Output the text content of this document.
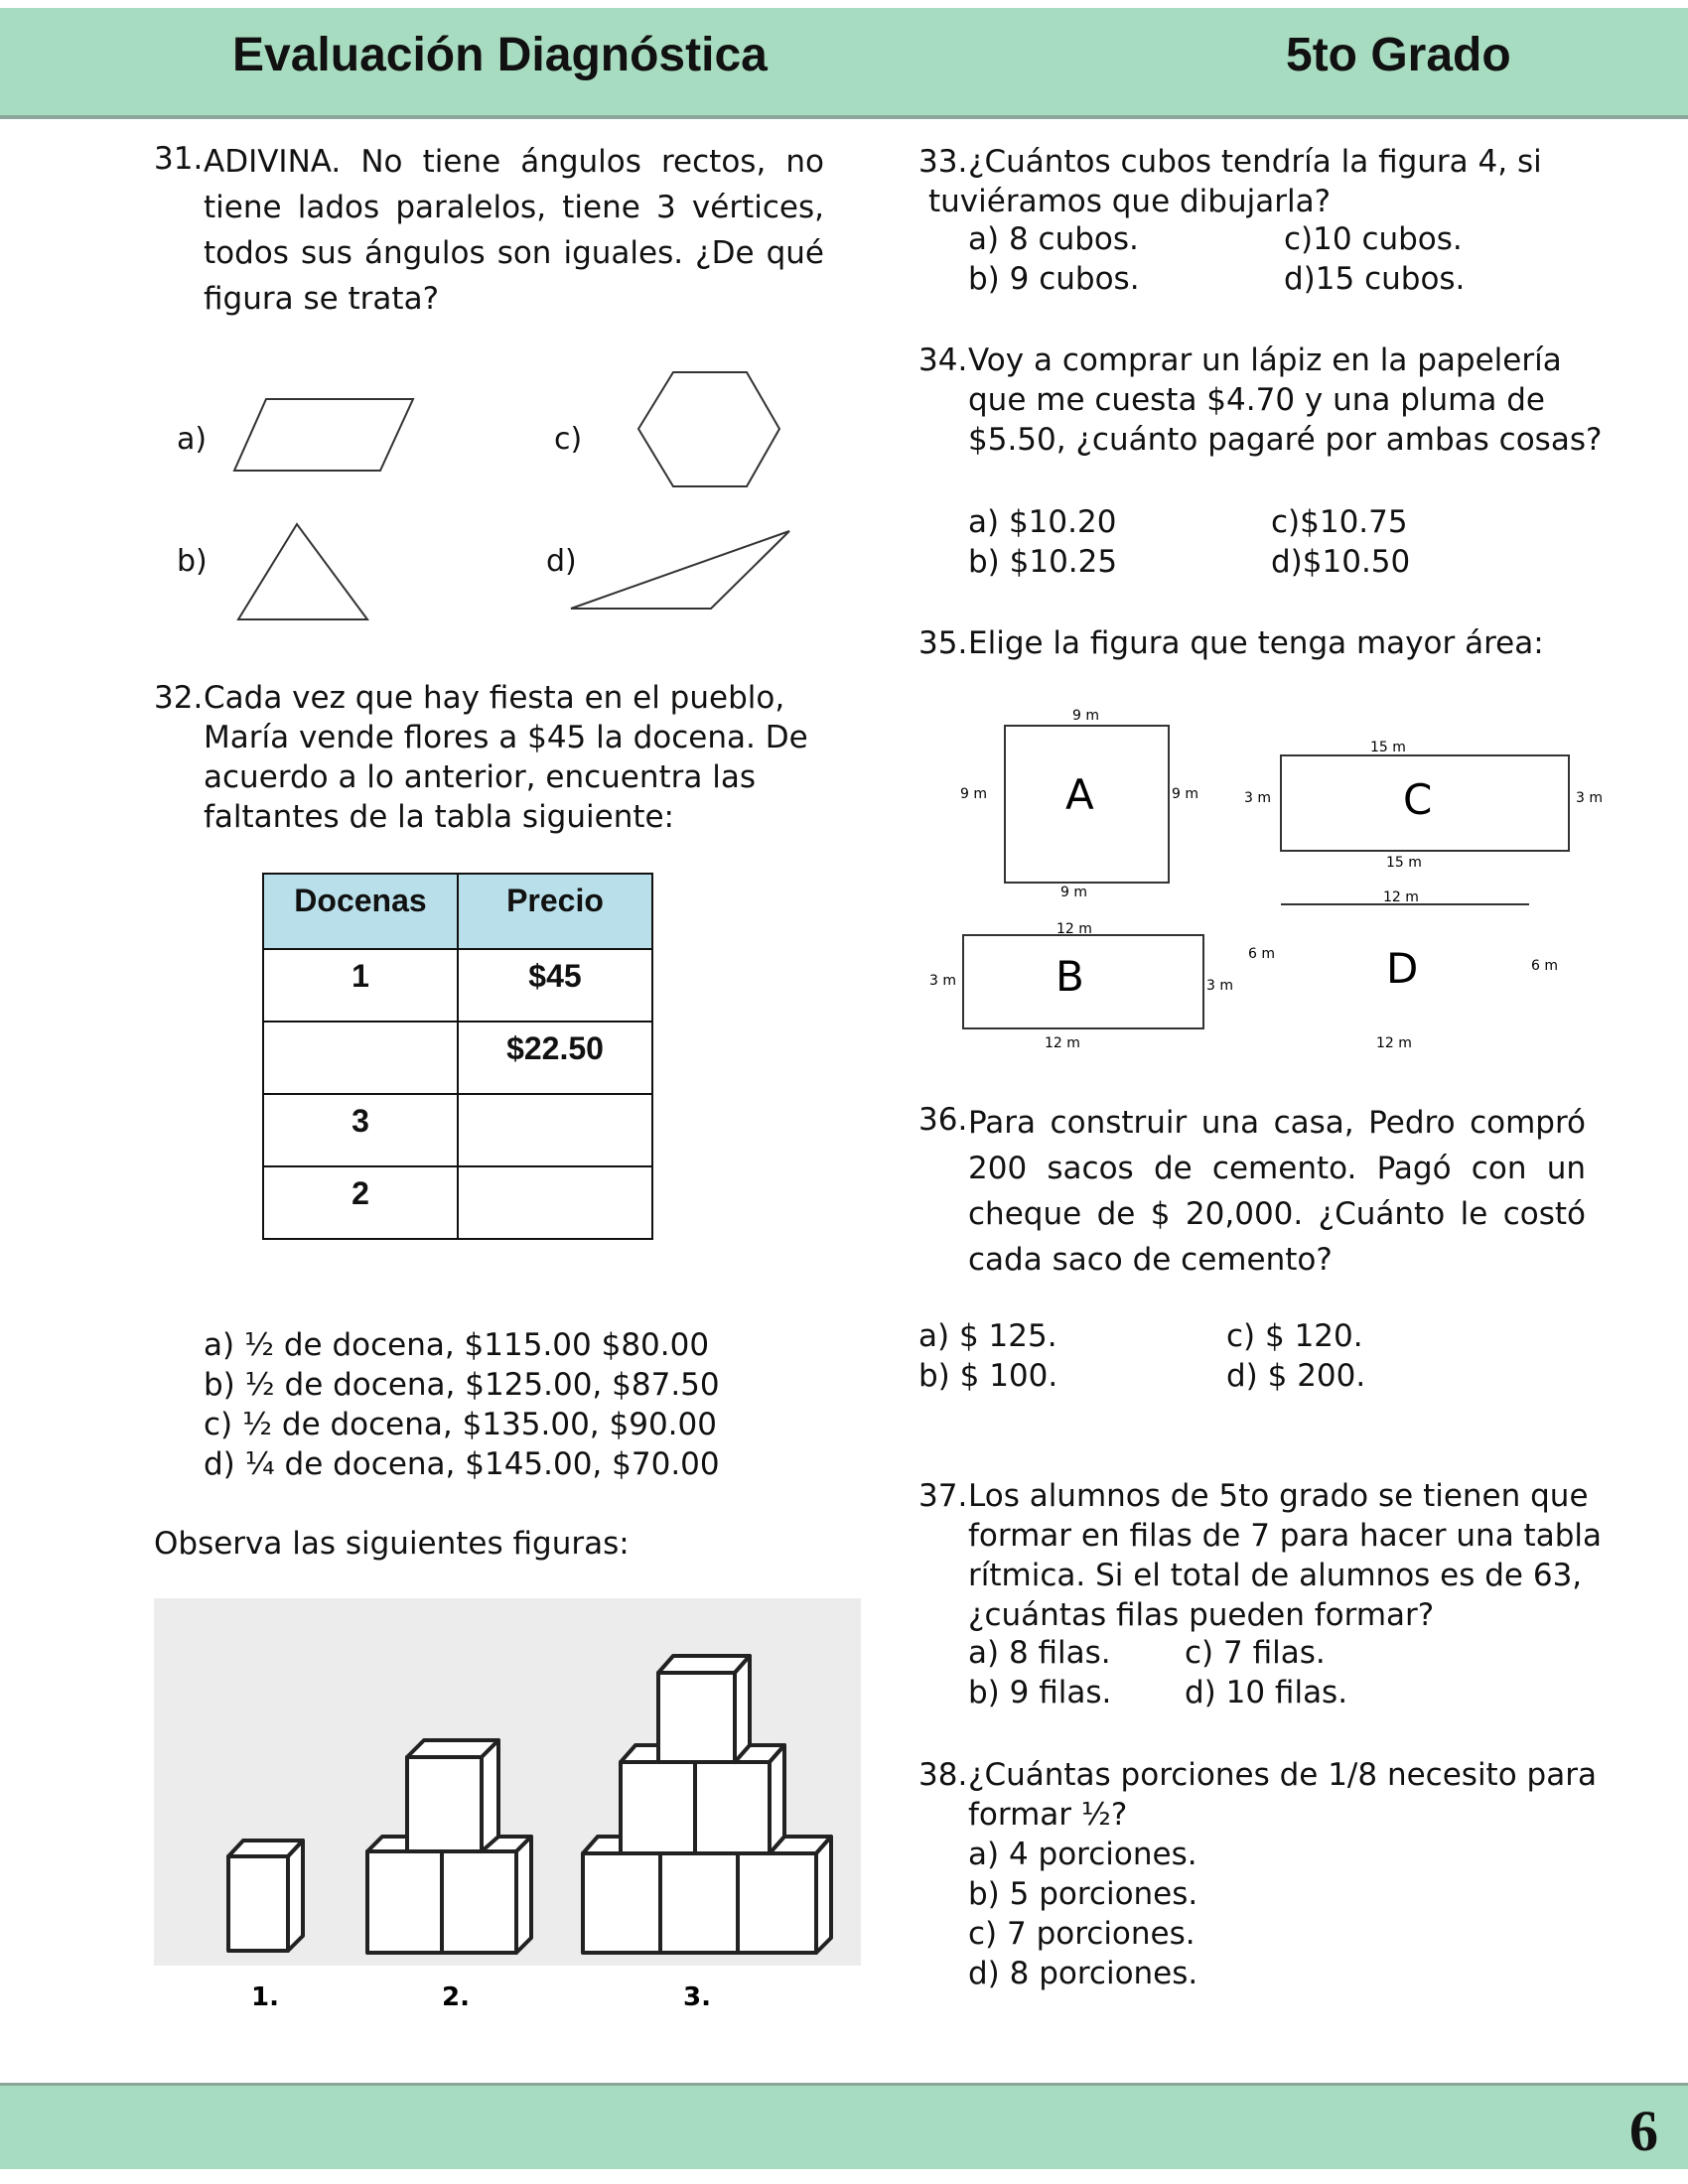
Evaluación Diagnóstica	5to Grado
31. ADIVINA. No tiene ángulos rectos, no tiene lados paralelos, tiene 3 vértices, todos sus ángulos son iguales. ¿De qué figura se trata?
a)
b)
c)
d)
32. Cada vez que hay fiesta en el pueblo, María vende flores a $45 la docena. De acuerdo a lo anterior, encuentra las faltantes de la tabla siguiente:
Docenas	Precio
1	$45
	$22.50
3	
2	
a) ½ de docena, $115.00 $80.00
b) ½ de docena, $125.00, $87.50
c) ½ de docena, $135.00, $90.00
d) ¼ de docena, $145.00, $70.00
Observa las siguientes figuras:
1.	2.	3.
33. ¿Cuántos cubos tendría la figura 4, si
tuviéramos que dibujarla?
a) 8 cubos.	c)10 cubos.
b) 9 cubos.	d)15 cubos.
34. Voy a comprar un lápiz en la papelería
que me cuesta $4.70 y una pluma de
$5.50, ¿cuánto pagaré por ambas cosas?
a) $10.20	c)$10.75
b) $10.25	d)$10.50
35. Elige la figura que tenga mayor área:
9 m
9 m	9 m
9 m
A
15 m
3 m	3 m
15 m
C
12 m
3 m	3 m
12 m
B
12 m
6 m
6 m
12 m
D
36. Para construir una casa, Pedro compró 200 sacos de cemento. Pagó con un cheque de $ 20,000. ¿Cuánto le costó cada saco de cemento?
a) $ 125.	c) $ 120.
b) $ 100.	d) $ 200.
37. Los alumnos de 5to grado se tienen que
formar en filas de 7 para hacer una tabla
rítmica. Si el total de alumnos es de 63,
¿cuántas filas pueden formar?
a) 8 filas. c) 7 filas.
b) 9 filas. d) 10 filas.
38. ¿Cuántas porciones de 1/8 necesito para
formar ½?
a) 4 porciones.
b) 5 porciones.
c) 7 porciones.
d) 8 porciones.
6
